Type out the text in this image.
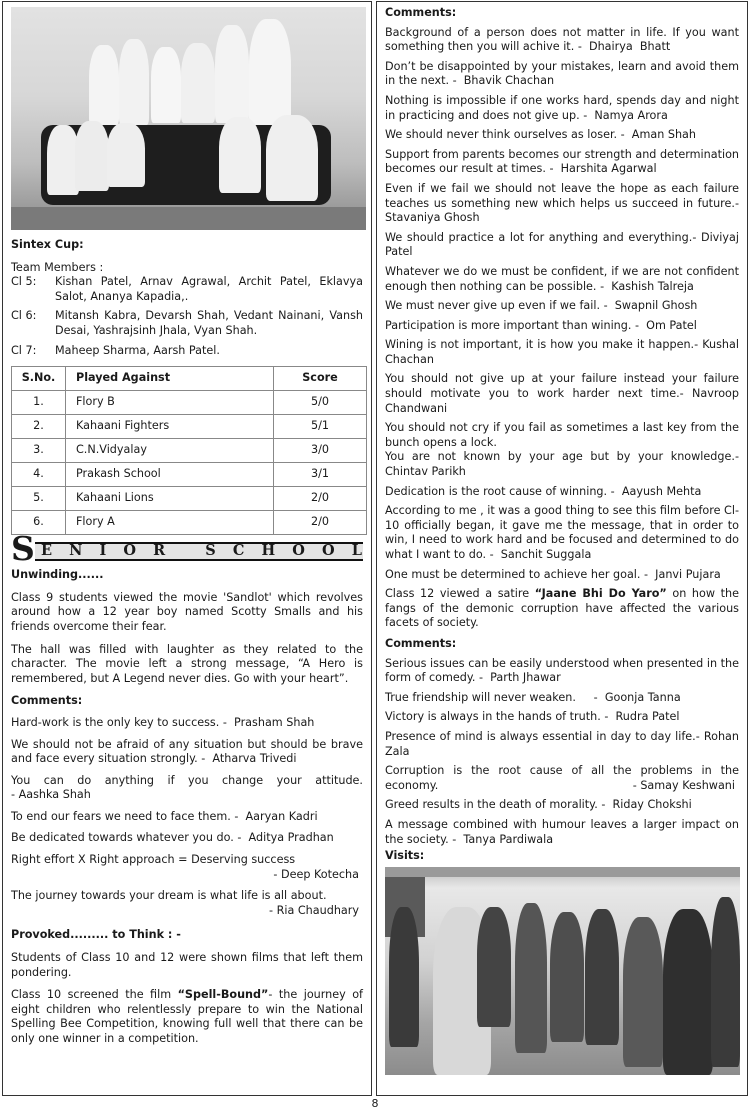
Sintex Cup:
Team Members :
Cl 5:	Kishan Patel, Arnav Agrawal, Archit Patel, Eklavya Salot, Ananya Kapadia,.
Cl 6:	Mitansh Kabra, Devarsh Shah, Vedant Nainani, Vansh Desai, Yashrajsinh Jhala, Vyan Shah.
Cl 7:	Maheep Sharma, Aarsh Patel.
S.No.	Played Against	Score
1.	Flory B	5/0
2.	Kahaani Fighters	5/1
3.	C.N.Vidyalay	3/0
4.	Prakash School	3/1
5.	Kahaani Lions	2/0
6.	Flory A	2/0
S E N I O R	S C H O O L
Unwinding......

Class 9 students viewed the movie 'Sandlot' which revolves around how a 12 year boy named Scotty Smalls and his friends overcome their fear.

The hall was filled with laughter as they related to the character. The movie left a strong message, “A Hero is remembered, but A Legend never dies. Go with your heart”.

Comments:

Hard-work is the only key to success. -  Prasham Shah

We should not be afraid of any situation but should be brave and face every situation strongly. -  Atharva Trivedi

You can do anything if you change your attitude. - Aashka Shah

To end our fears we need to face them. -  Aaryan Kadri

Be dedicated towards whatever you do. -  Aditya Pradhan

Right effort X Right approach = Deserving success
- Deep Kotecha

The journey towards your dream is what life is all about.
- Ria Chaudhary

Provoked......... to Think : -

Students of Class 10 and 12 were shown films that left them pondering.

Class 10 screened the film “Spell-Bound”- the journey of eight children who relentlessly prepare to win the National Spelling Bee Competition, knowing full well that there can be only one winner in a competition.

Comments:

Background of a person does not matter in life. If you want something then you will achive it. -  Dhairya  Bhatt

Don’t be disappointed by your mistakes, learn and avoid them in the next. -  Bhavik Chachan

Nothing is impossible if one works hard, spends day and night in practicing and does not give up. -  Namya Arora

We should never think ourselves as loser. -  Aman Shah

Support from parents becomes our strength and determination becomes our result at times. -  Harshita Agarwal

Even if we fail we should not leave the hope as each failure teaches us something new which helps us succeed in future.- Stavaniya Ghosh

We should practice a lot for anything and everything.- Diviyaj Patel

Whatever we do we must be confident, if we are not confident enough then nothing can be possible. -  Kashish Talreja

We must never give up even if we fail. -  Swapnil Ghosh

Participation is more important than wining. -  Om Patel

Wining is not important, it is how you make it happen.- Kushal Chachan

You should not give up at your failure instead your failure should motivate you to work harder next time.- Navroop Chandwani

You should not cry if you fail as sometimes a last key from the bunch opens a lock.

You are not known by your age but by your knowledge.- Chintav Parikh

Dedication is the root cause of winning. -  Aayush Mehta

According to me , it was a good thing to see this film before Cl-10 officially began, it gave me the message, that in order to win, I need to work hard and be focused and determined to do what I want to do. -  Sanchit Suggala

One must be determined to achieve her goal. -  Janvi Pujara

Class 12 viewed a satire “Jaane Bhi Do Yaro” on how the fangs of the demonic corruption have affected the various facets of society.

Comments:

Serious issues can be easily understood when presented in the form of comedy. -  Parth Jhawar

True friendship will never weaken.     -  Goonja Tanna

Victory is always in the hands of truth. -  Rudra Patel

Presence of mind is always essential in day to day life.- Rohan Zala

Corruption is the root cause of all the problems in the economy.	- Samay Keshwani

Greed results in the death of morality. -  Riday Chokshi

A message combined with humour leaves a larger impact on the society. -  Tanya Pardiwala

Visits:
8
